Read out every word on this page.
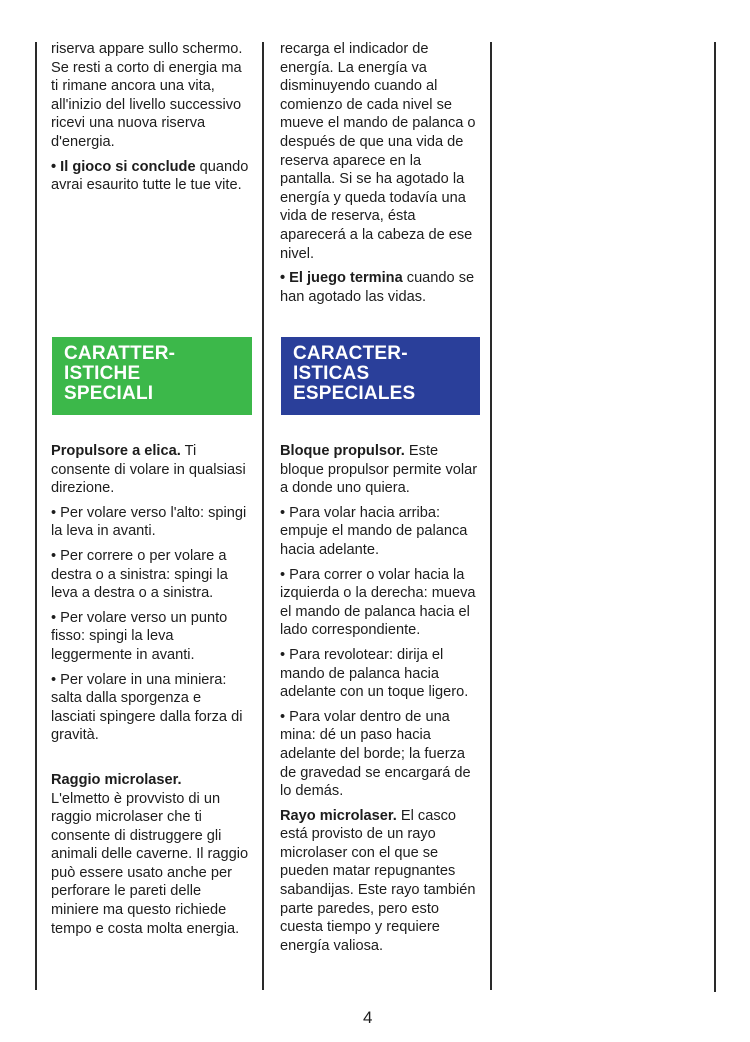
riserva appare sullo schermo. Se resti a corto di energia ma ti rimane ancora una vita, all'inizio del livello successivo ricevi una nuova riserva d'energia.

• Il gioco si conclude quando avrai esaurito tutte le tue vite.

CARATTER-
ISTICHE
SPECIALI

Propulsore a elica. Ti consente di volare in qualsiasi direzione.

• Per volare verso l'alto: spingi la leva in avanti.

• Per correre o per volare a destra o a sinistra: spingi la leva a destra o a sinistra.

• Per volare verso un punto fisso: spingi la leva leggermente in avanti.

• Per volare in una miniera: salta dalla sporgenza e lasciati spingere dalla forza di gravità.

Raggio microlaser.

L'elmetto è provvisto di un raggio microlaser che ti consente di distruggere gli animali delle caverne. Il raggio può essere usato anche per perforare le pareti delle miniere ma questo richiede tempo e costa molta energia.

recarga el indicador de energía. La energía va disminuyendo cuando al comienzo de cada nivel se mueve el mando de palanca o después de que una vida de reserva aparece en la pantalla. Si se ha agotado la energía y queda todavía una vida de reserva, ésta aparecerá a la cabeza de ese nivel.

• El juego termina cuando se han agotado las vidas.

CARACTER-
ISTICAS
ESPECIALES

Bloque propulsor. Este bloque propulsor permite volar a donde uno quiera.

• Para volar hacia arriba: empuje el mando de palanca hacia adelante.

• Para correr o volar hacia la izquierda o la derecha: mueva el mando de palanca hacia el lado correspondiente.

• Para revolotear: dirija el mando de palanca hacia adelante con un toque ligero.

• Para volar dentro de una mina: dé un paso hacia adelante del borde; la fuerza de gravedad se encargará de lo demás.

Rayo microlaser. El casco está provisto de un rayo microlaser con el que se pueden matar repugnantes sabandijas. Este rayo también parte paredes, pero esto cuesta tiempo y requiere energía valiosa.

4
